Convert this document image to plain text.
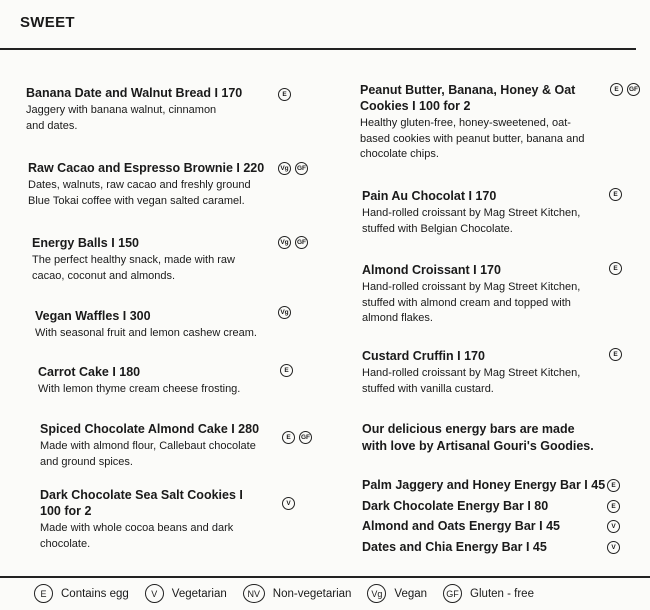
SWEET
Banana Date and Walnut Bread I 170
Jaggery with banana walnut, cinnamon and dates.
E
Raw Cacao and Espresso Brownie I 220
Dates, walnuts, raw cacao and freshly ground Blue Tokai coffee with vegan salted caramel.
Vg	GF
Energy Balls I 150
The perfect healthy snack, made with raw cacao, coconut and almonds.
Vg	GF
Vegan Waffles I 300
With seasonal fruit and lemon cashew cream.
Vg
Carrot Cake I 180
With lemon thyme cream cheese frosting.
E
Spiced Chocolate Almond Cake I 280
Made with almond flour, Callebaut chocolate and ground spices.
E	GF
Dark Chocolate Sea Salt Cookies I 100 for 2
Made with whole cocoa beans and dark chocolate.
V
Peanut Butter, Banana, Honey & Oat Cookies I 100 for 2
Healthy gluten-free, honey-sweetened, oat-based cookies with peanut butter, banana and chocolate chips.
E	GF
Pain Au Chocolat I 170
Hand-rolled croissant by Mag Street Kitchen, stuffed with Belgian Chocolate.
E
Almond Croissant I 170
Hand-rolled croissant by Mag Street Kitchen, stuffed with almond cream and topped with almond flakes.
E
Custard Cruffin I 170
Hand-rolled croissant by Mag Street Kitchen, stuffed with vanilla custard.
E
Our delicious energy bars are made with love by Artisanal Gouri's Goodies.
Palm Jaggery and Honey Energy Bar I 45 E
Dark Chocolate Energy Bar I 80	E
Almond and Oats Energy Bar I 45	V
Dates and Chia Energy Bar I 45	V
E	Contains egg	V	Vegetarian	NV	Non-vegetarian	Vg	Vegan	GF Gluten - free
